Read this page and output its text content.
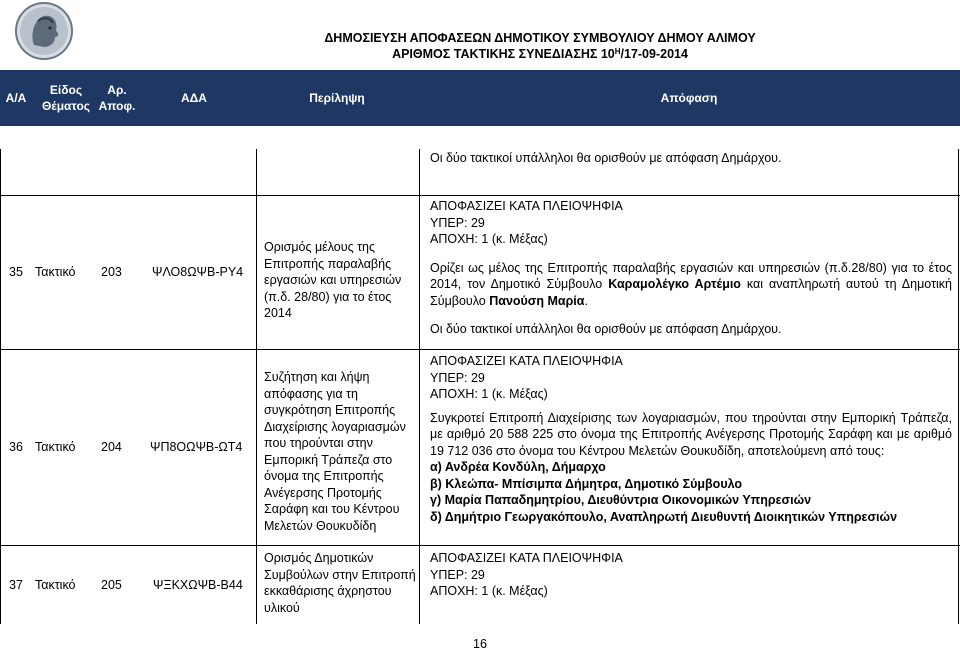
ΔΗΜΟΣΙΕΥΣΗ ΑΠΟΦΑΣΕΩΝ ΔΗΜΟΤΙΚΟΥ ΣΥΜΒΟΥΛΙΟΥ ΔΗΜΟΥ ΑΛΙΜΟΥ
ΑΡΙΘΜΟΣ ΤΑΚΤΙΚΗΣ ΣΥΝΕΔΙΑΣΗΣ $10^H/17-09-2014$
Α/Α
Είδος
Θέματος
Αρ.
Αποφ.
ΑΔΑ	Περίληψη	Απόφαση
Οι δύο τακτικοί υπάλληλοι θα ορισθούν με απόφαση Δημάρχου.
35 Τακτικό 203 ΨΛΟ8ΩΨΒ-ΡΥ4
Ορισμός μέλους της
Επιτροπής παραλαβής
εργασιών και υπηρεσιών
(π.δ. 28/80) για το έτος
2014
ΑΠΟΦΑΣΙΖΕΙ ΚΑΤΑ ΠΛΕΙΟΨΗΦΙΑ
ΥΠΕΡ: 29
ΑΠΟΧΗ: 1 (κ. Μέξας)
Ορίζει ως μέλος της Επιτροπής παραλαβής εργασιών και υπηρεσιών (π.δ.28/80) για το έτος 2014, τον Δημοτικό Σύμβουλο Καραμολέγκο Αρτέμιο και αναπληρωτή αυτού τη Δημοτική Σύμβουλο Πανούση Μαρία.
Οι δύο τακτικοί υπάλληλοι θα ορισθούν με απόφαση Δημάρχου.
36 Τακτικό 204 ΨΠ8ΟΩΨΒ-ΩΤ4
Συζήτηση και λήψη
απόφασης για τη
συγκρότηση Επιτροπής
Διαχείρισης λογαριασμών
που τηρούνται στην
Εμπορική Τράπεζα στο
όνομα της Επιτροπής
Ανέγερσης Προτομής
Σαράφη και του Κέντρου
Μελετών Θουκυδίδη
ΑΠΟΦΑΣΙΖΕΙ ΚΑΤΑ ΠΛΕΙΟΨΗΦΙΑ
ΥΠΕΡ: 29
ΑΠΟΧΗ: 1 (κ. Μέξας)
Συγκροτεί Επιτροπή Διαχείρισης των λογαριασμών, που τηρούνται στην Εμπορική Τράπεζα, με αριθμό 20 588 225 στο όνομα της Επιτροπής Ανέγερσης Προτομής Σαράφη και με αριθμό 19 712 036 στο όνομα του Κέντρου Μελετών Θουκυδίδη, αποτελούμενη από τους:
α) Ανδρέα Κονδύλη, Δήμαρχο
β) Κλεώπα- Μπίσιμπα Δήμητρα, Δημοτικό Σύμβουλο
γ) Μαρία Παπαδημητρίου, Διευθύντρια Οικονομικών Υπηρεσιών
δ) Δημήτριο Γεωργακόπουλο, Αναπληρωτή Διευθυντή Διοικητικών Υπηρεσιών
37 Τακτικό 205 ΨΞΚΧΩΨΒ-Β44
Ορισμός Δημοτικών
Συμβούλων στην Επιτροπή
εκκαθάρισης άχρηστου
υλικού
ΑΠΟΦΑΣΙΖΕΙ ΚΑΤΑ ΠΛΕΙΟΨΗΦΙΑ
ΥΠΕΡ: 29
ΑΠΟΧΗ: 1 (κ. Μέξας)
16
